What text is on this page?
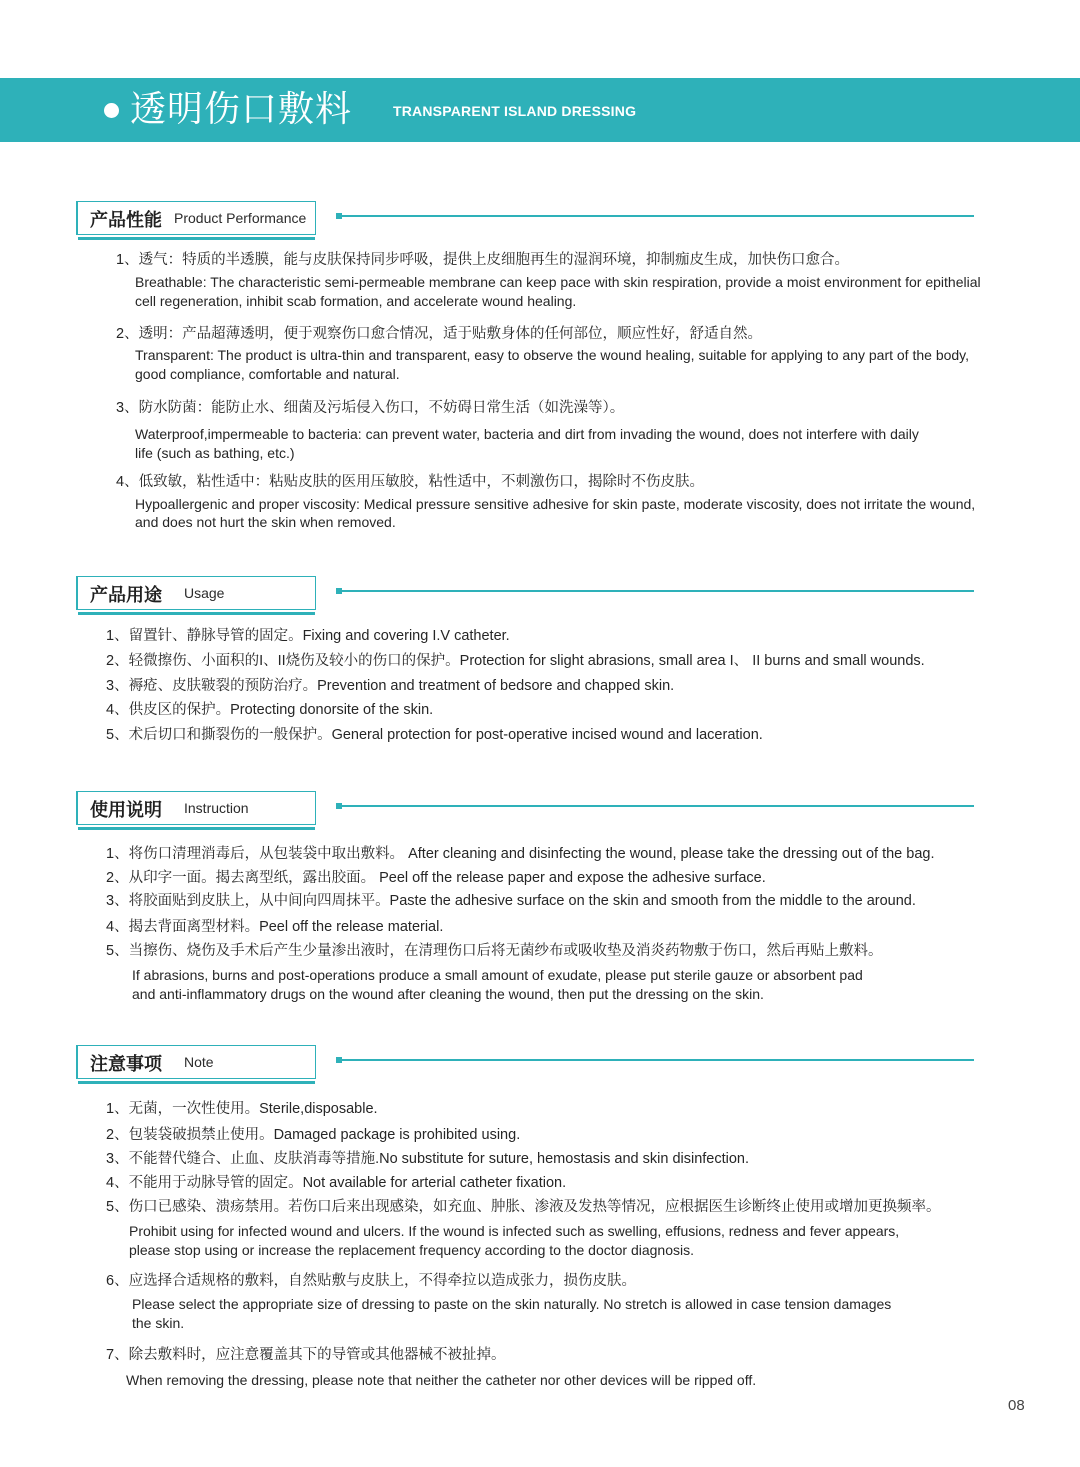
透明伤口敷料	TRANSPARENT ISLAND DRESSING
产品性能 Product Performance
1、透气：特质的半透膜，能与皮肤保持同步呼吸，提供上皮细胞再生的湿润环境，抑制痂皮生成，加快伤口愈合。
Breathable: The characteristic semi-permeable membrane can keep pace with skin respiration, provide a moist environment for epithelial
cell regeneration, inhibit scab formation, and accelerate wound healing.
2、透明：产品超薄透明，便于观察伤口愈合情况，适于贴敷身体的任何部位，顺应性好，舒适自然。
Transparent: The product is ultra-thin and transparent, easy to observe the wound healing, suitable for applying to any part of the body,
good compliance, comfortable and natural.
3、防水防菌：能防止水、细菌及污垢侵入伤口，不妨碍日常生活（如洗澡等）。
Waterproof,impermeable to bacteria: can prevent water, bacteria and dirt from invading the wound, does not interfere with daily
life (such as bathing, etc.)
4、低致敏，粘性适中：粘贴皮肤的医用压敏胶，粘性适中，不刺激伤口，揭除时不伤皮肤。
Hypoallergenic and proper viscosity: Medical pressure sensitive adhesive for skin paste, moderate viscosity, does not irritate the wound,
and does not hurt the skin when removed.
产品用途 Usage
1、留置针、静脉导管的固定。Fixing and covering I.V catheter.
2、轻微擦伤、小面积的I、II烧伤及较小的伤口的保护。Protection for slight abrasions, small area I、 II burns and small wounds.
3、褥疮、皮肤皲裂的预防治疗。Prevention and treatment of bedsore and chapped skin.
4、供皮区的保护。Protecting donorsite of the skin.
5、术后切口和撕裂伤的一般保护。General protection for post-operative incised wound and laceration.
使用说明 Instruction
1、将伤口清理消毒后，从包装袋中取出敷料。 After cleaning and disinfecting the wound, please take the dressing out of the bag.
2、从印字一面。揭去离型纸，露出胶面。 Peel off the release paper and expose the adhesive surface.
3、将胶面贴到皮肤上，从中间向四周抹平。Paste the adhesive surface on the skin and smooth from the middle to the around.
4、揭去背面离型材料。Peel off the release material.
5、当擦伤、烧伤及手术后产生少量渗出液时，在清理伤口后将无菌纱布或吸收垫及消炎药物敷于伤口，然后再贴上敷料。
If abrasions, burns and post-operations produce a small amount of exudate, please put sterile gauze or absorbent pad
and anti-inflammatory drugs on the wound after cleaning the wound, then put the dressing on the skin.
注意事项 Note
1、无菌，一次性使用。Sterile,disposable.
2、包装袋破损禁止使用。Damaged package is prohibited using.
3、不能替代缝合、止血、皮肤消毒等措施.No substitute for suture, hemostasis and skin disinfection.
4、不能用于动脉导管的固定。Not available for arterial catheter fixation.
5、伤口已感染、溃疡禁用。若伤口后来出现感染，如充血、肿胀、渗液及发热等情况，应根据医生诊断终止使用或增加更换频率。
Prohibit using for infected wound and ulcers. If the wound is infected such as swelling, effusions, redness and fever appears,
please stop using or increase the replacement frequency according to the doctor diagnosis.
6、应选择合适规格的敷料，自然贴敷与皮肤上，不得牵拉以造成张力，损伤皮肤。
Please select the appropriate size of dressing to paste on the skin naturally. No stretch is allowed in case tension damages
the skin.
7、除去敷料时，应注意覆盖其下的导管或其他器械不被扯掉。
When removing the dressing, please note that neither the catheter nor other devices will be ripped off.
08
